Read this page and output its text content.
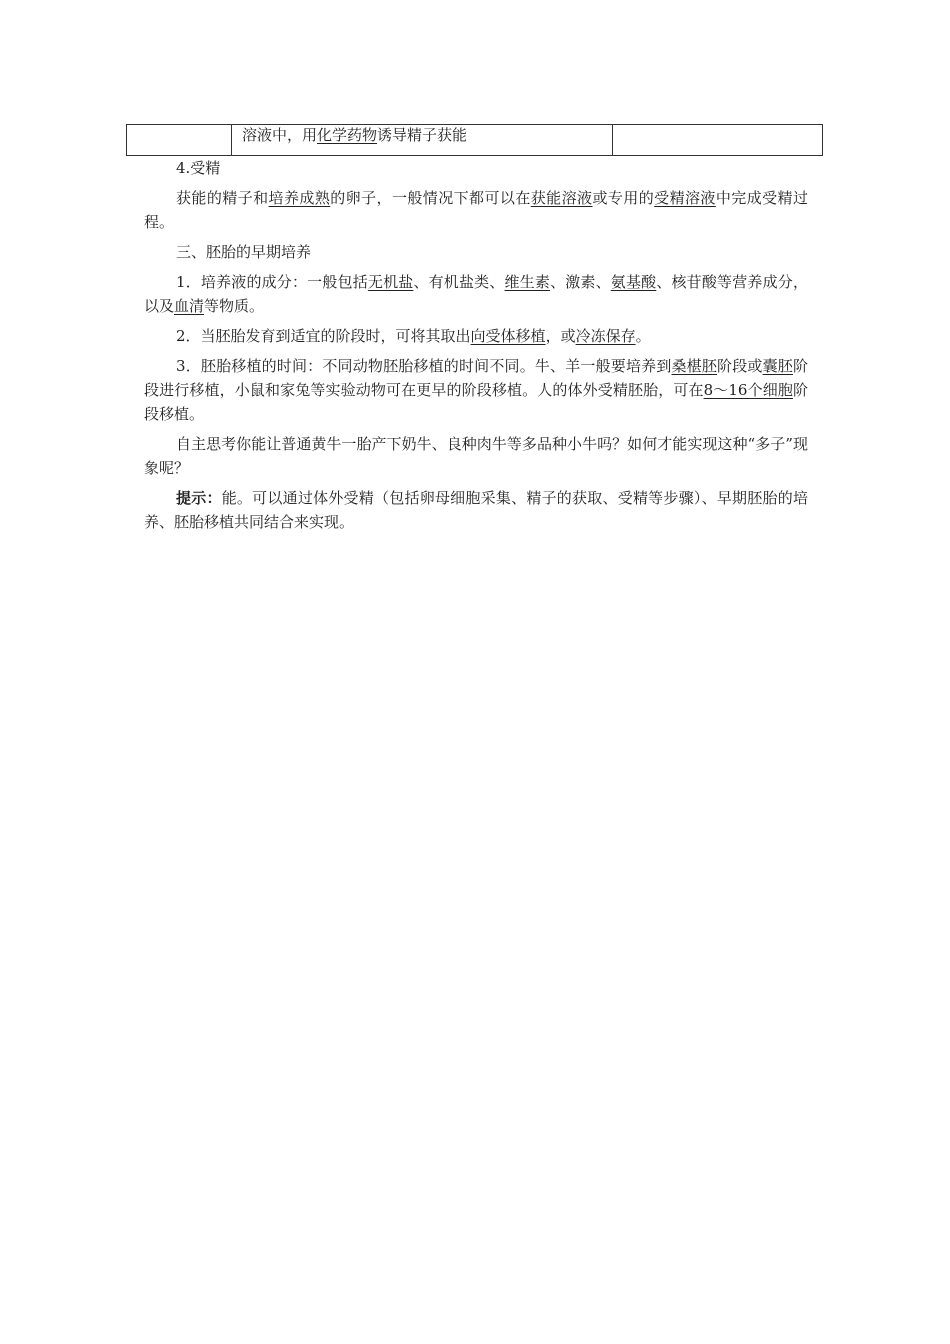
	溶液中，用化学药物诱导精子获能	

4.受精

获能的精子和培养成熟的卵子，一般情况下都可以在获能溶液或专用的受精溶液中完成受精过程。

三、胚胎的早期培养

1．培养液的成分：一般包括无机盐、有机盐类、维生素、激素、氨基酸、核苷酸等营养成分，以及血清等物质。

2．当胚胎发育到适宜的阶段时，可将其取出向受体移植，或冷冻保存。

3．胚胎移植的时间：不同动物胚胎移植的时间不同。牛、羊一般要培养到桑椹胚阶段或囊胚阶段进行移植，小鼠和家兔等实验动物可在更早的阶段移植。人的体外受精胚胎，可在8～16个细胞阶段移植。

自主思考你能让普通黄牛一胎产下奶牛、良种肉牛等多品种小牛吗？如何才能实现这种“多子”现象呢？

提示：能。可以通过体外受精（包括卵母细胞采集、精子的获取、受精等步骤）、早期胚胎的培养、胚胎移植共同结合来实现。
